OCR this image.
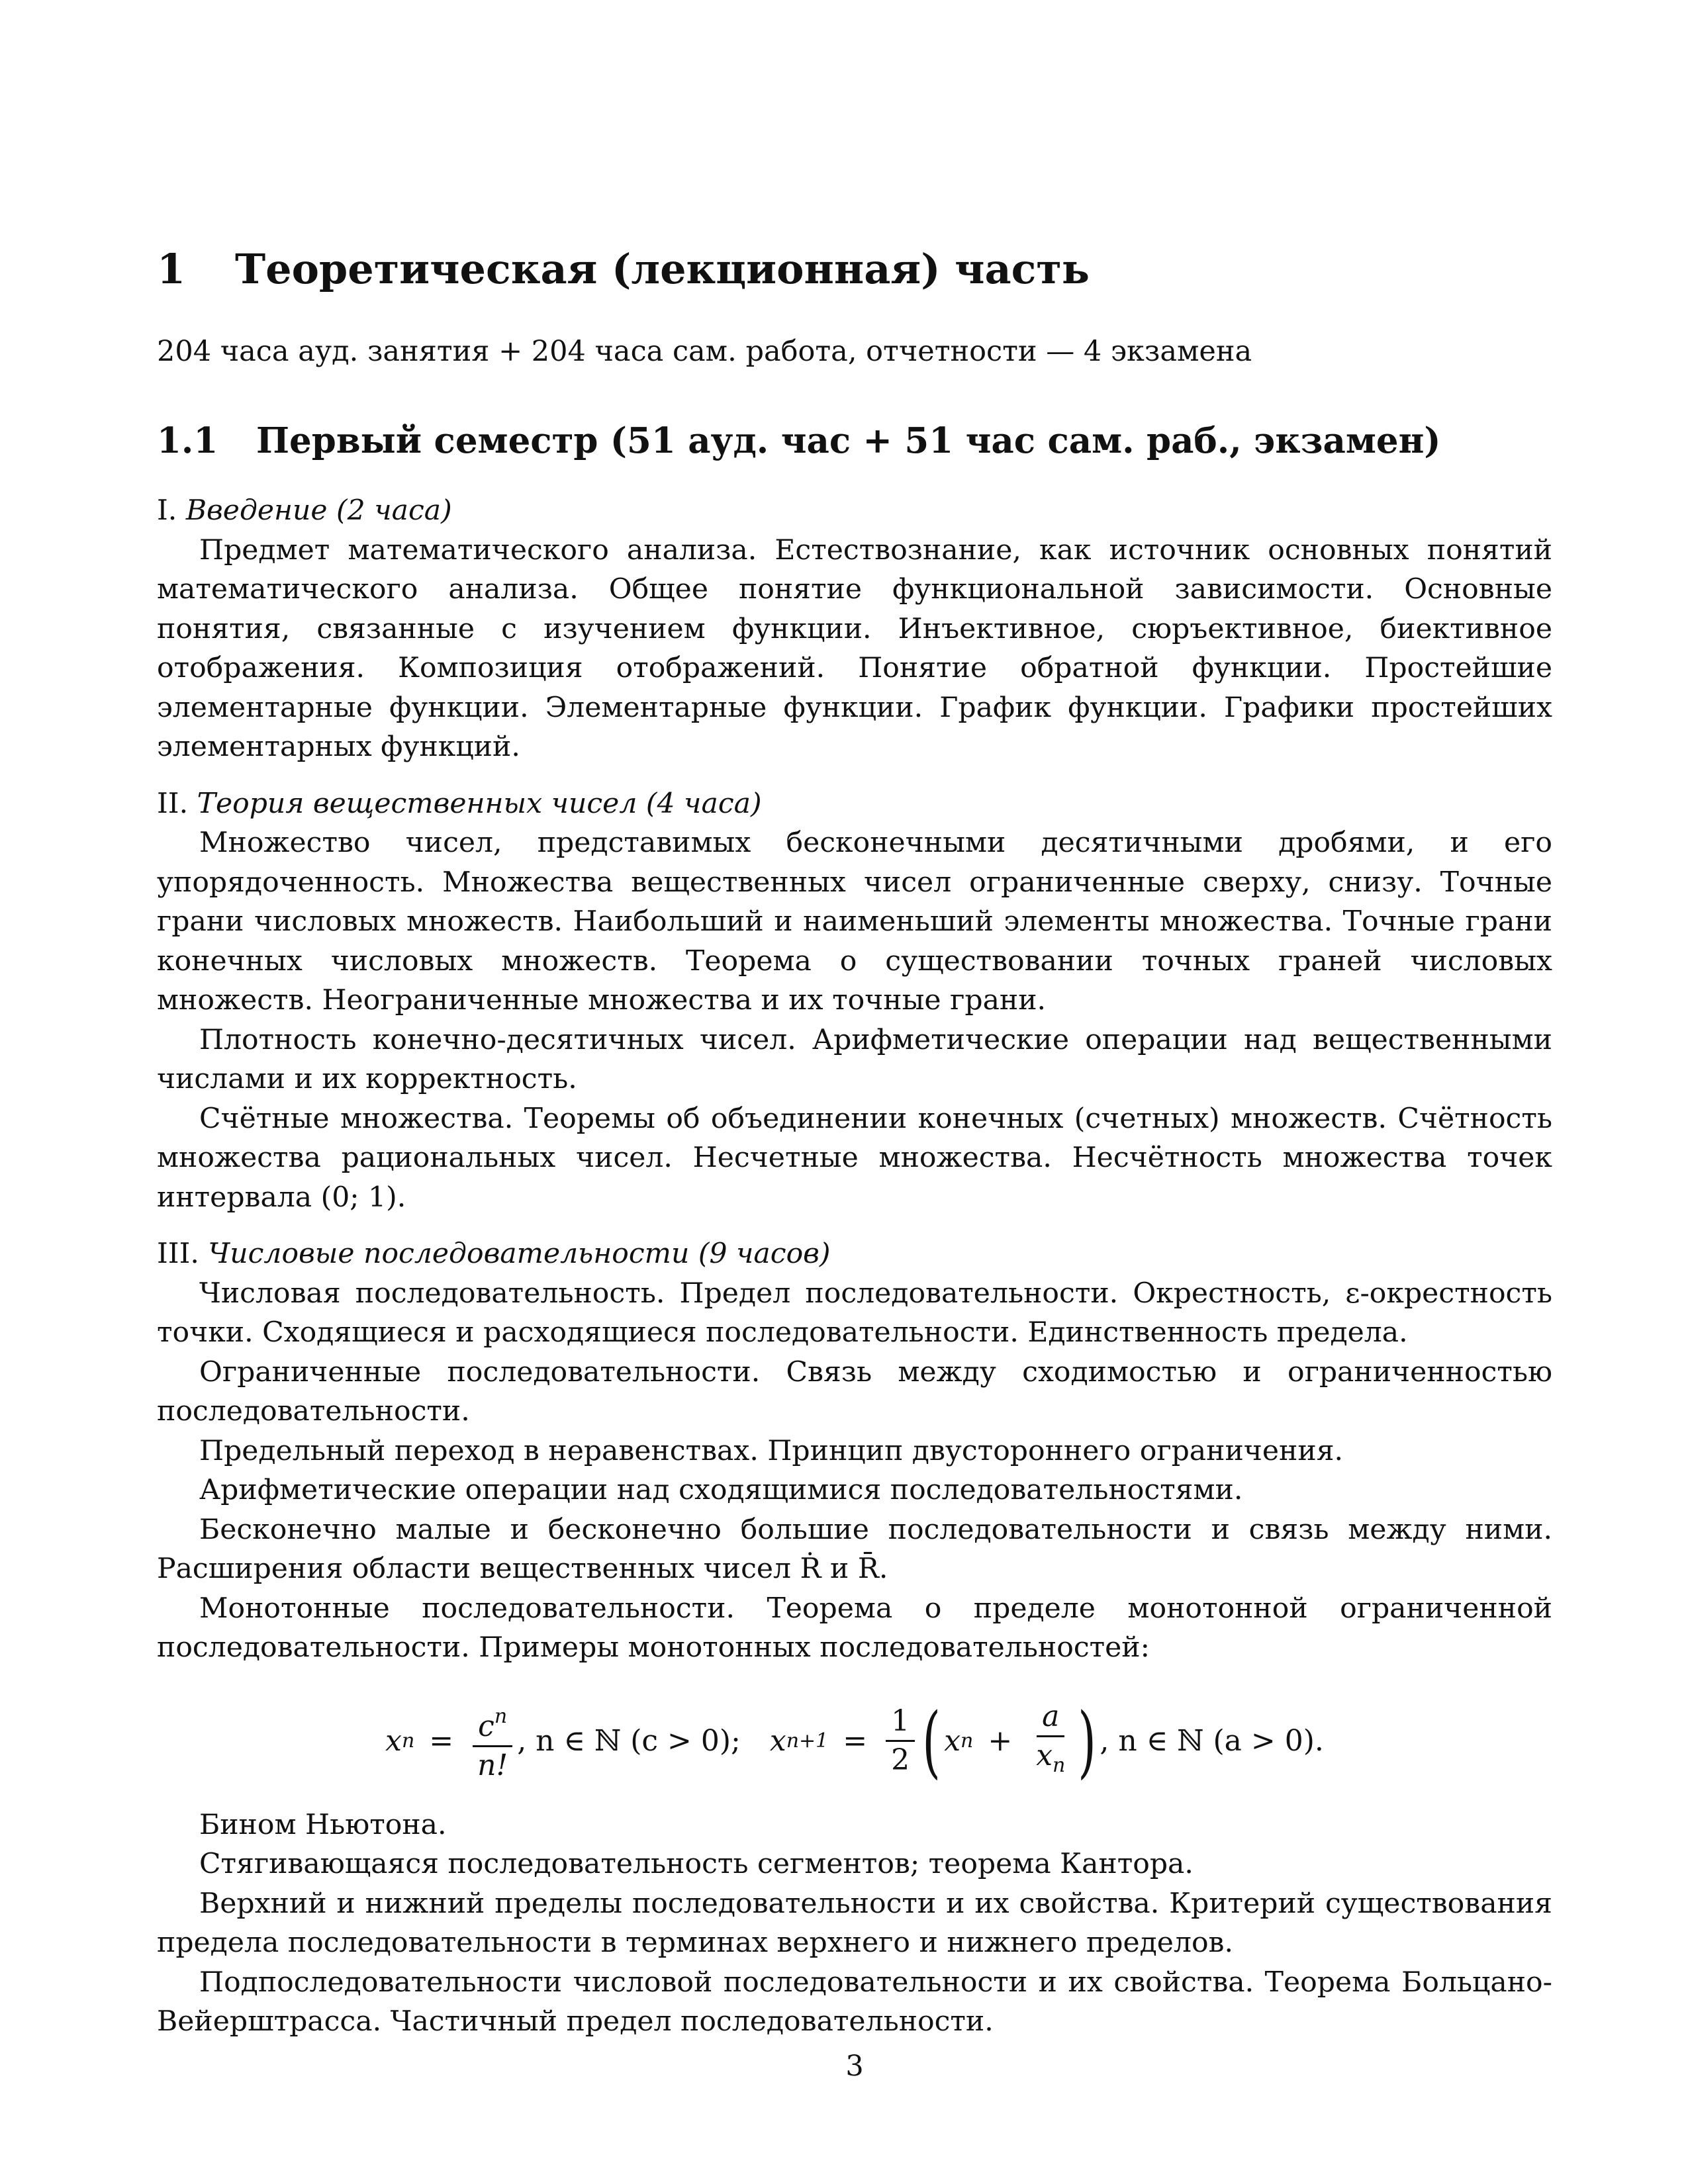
1 Теоретическая (лекционная) часть
204 часа ауд. занятия + 204 часа сам. работа, отчетности — 4 экзамена
1.1 Первый семестр (51 ауд. час + 51 час сам. раб., экзамен)
I. Введение (2 часа)

Предмет математического анализа. Естествознание, как источник основных понятий математического анализа. Общее понятие функциональной зависимости. Основные понятия, связанные с изучением функции. Инъективное, сюръективное, биективное отображения. Композиция отображений. Понятие обратной функции. Простейшие элементарные функции. Элементарные функции. График функции. Графики простейших элементарных функций.

II. Теория вещественных чисел (4 часа)

Множество чисел, представимых бесконечными десятичными дробями, и его упорядоченность. Множества вещественных чисел ограниченные сверху, снизу. Точные грани числовых множеств. Наибольший и наименьший элементы множества. Точные грани конечных числовых множеств. Теорема о существовании точных граней числовых множеств. Неограниченные множества и их точные грани.

Плотность конечно-десятичных чисел. Арифметические операции над вещественными числами и их корректность.

Счётные множества. Теоремы об объединении конечных (счетных) множеств. Счётность множества рациональных чисел. Несчетные множества. Несчётность множества точек интервала (0; 1).

III. Числовые последовательности (9 часов)

Числовая последовательность. Предел последовательности. Окрестность, ε-окрестность точки. Сходящиеся и расходящиеся последовательности. Единственность предела.

Ограниченные последовательности. Связь между сходимостью и ограниченностью последовательности.

Предельный переход в неравенствах. Принцип двустороннего ограничения.

Арифметические операции над сходящимися последовательностями.

Бесконечно малые и бесконечно большие последовательности и связь между ними. Расширения области вещественных чисел Ṙ и R̄.

Монотонные последовательности. Теорема о пределе монотонной ограниченной последовательности. Примеры монотонных последовательностей:

x $n = \frac{c^n}{n!}$ , n ∈ ℕ (c > 0); x $n+1 = \frac{1}{2}$ ( x $n + \frac{a}{x_n}$ ) , n ∈ ℕ (a > 0).

Бином Ньютона.

Стягивающаяся последовательность сегментов; теорема Кантора.

Верхний и нижний пределы последовательности и их свойства. Критерий существования предела последовательности в терминах верхнего и нижнего пределов.

Подпоследовательности числовой последовательности и их свойства. Теорема Больцано-Вейерштрасса. Частичный предел последовательности.

3
